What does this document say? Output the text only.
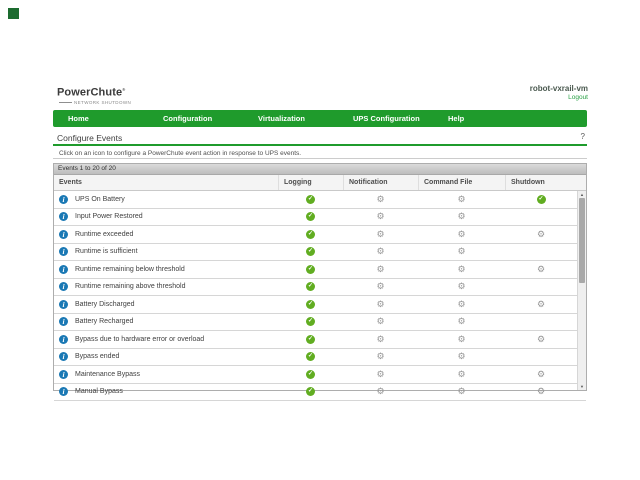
PowerChute®
NETWORK SHUTDOWN
robot-vxrail-vm
Logout
Home	Configuration	Virtualization	UPS Configuration	Help
Configure Events	?
Click on an icon to configure a PowerChute event action in response to UPS events.
Events 1 to 20 of 20
Events	Logging	Notification	Command File	Shutdown
▲
▼
i	UPS On Battery	✓	⚙	⚙	✓
i	Input Power Restored	✓	⚙	⚙
i	Runtime exceeded	✓	⚙	⚙	⚙
i	Runtime is sufficient	✓	⚙	⚙
i	Runtime remaining below threshold	✓	⚙	⚙	⚙
i	Runtime remaining above threshold	✓	⚙	⚙
i	Battery Discharged	✓	⚙	⚙	⚙
i	Battery Recharged	✓	⚙	⚙
i	Bypass due to hardware error or overload	✓	⚙	⚙	⚙
i	Bypass ended	✓	⚙	⚙
i	Maintenance Bypass	✓	⚙	⚙	⚙
i	Manual Bypass	✓	⚙	⚙	⚙
